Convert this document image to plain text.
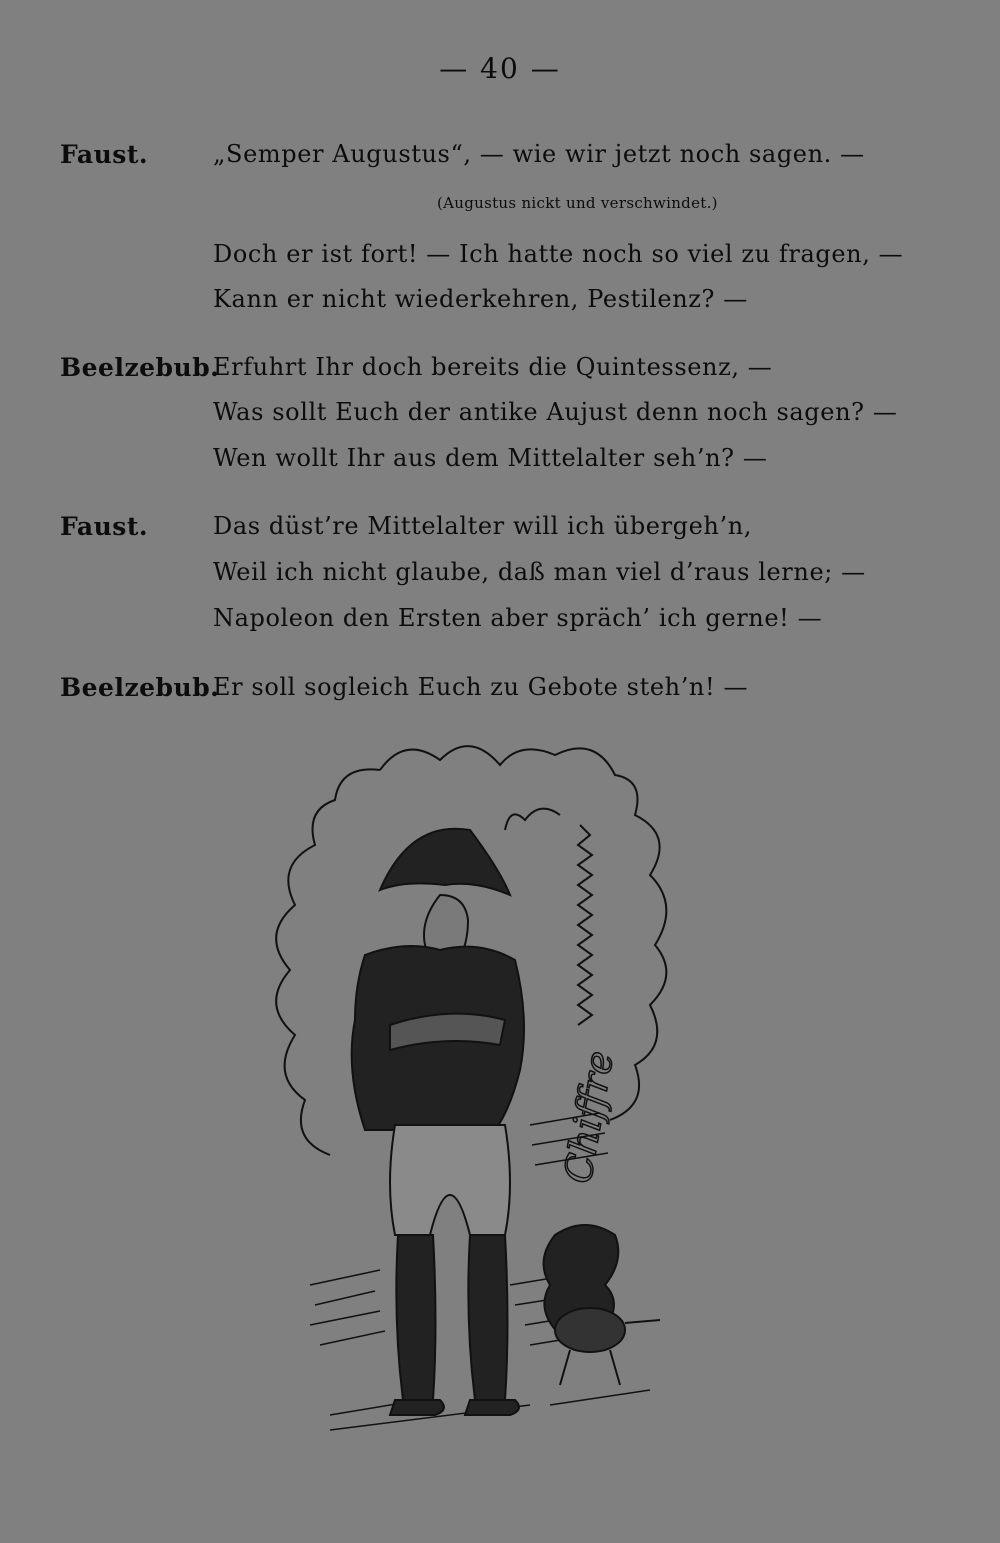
— 40 —
Faust.	„Semper Augustus“, — wie wir jetzt noch sagen. —
(Augustus nickt und verschwindet.)
Doch er ist fort! — Ich hatte noch so viel zu fragen, —
Kann er nicht wiederkehren, Pestilenz? —
Beelzebub.
Erfuhrt Ihr doch bereits die Quintessenz, —
Was sollt Euch der antike Aujust denn noch sagen? —
Wen wollt Ihr aus dem Mittelalter seh’n? —
Faust.	Das düst’re Mittelalter will ich übergeh’n,
Weil ich nicht glaube, daß man viel d’raus lerne; —
Napoleon den Ersten aber spräch’ ich gerne! —
Beelzebub.
Er soll sogleich Euch zu Gebote steh’n! —
Chiffre
